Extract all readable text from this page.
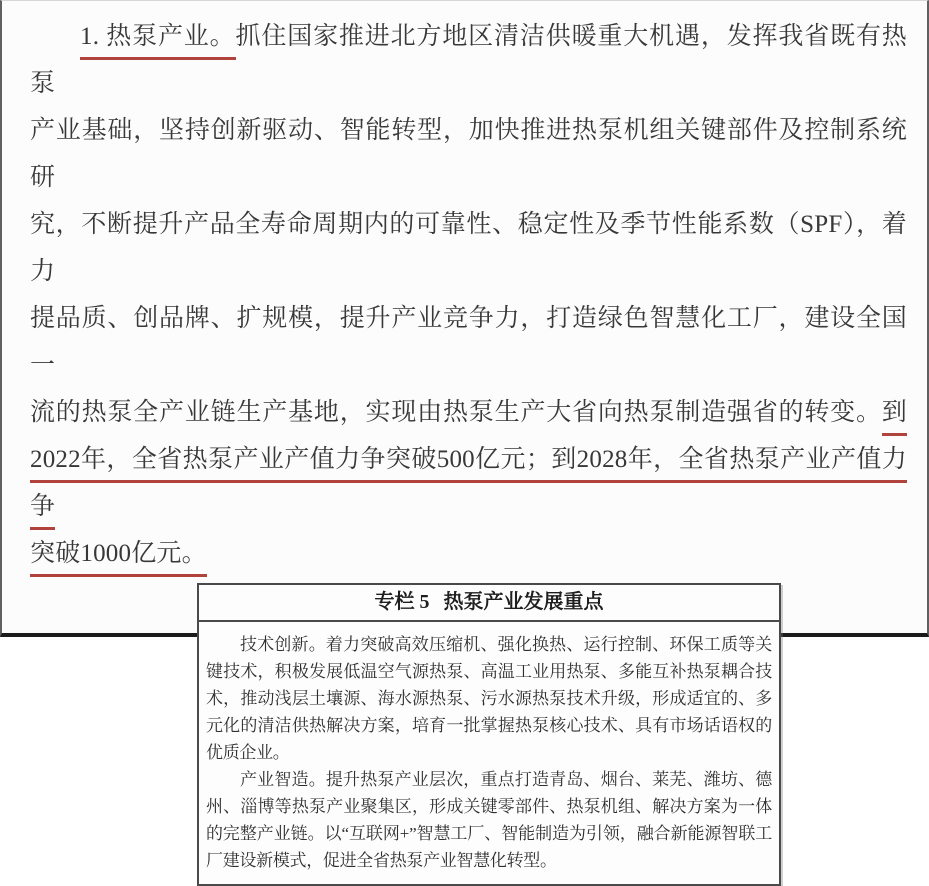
1. 热泵产业。抓住国家推进北方地区清洁供暖重大机遇，发挥我省既有热泵
产业基础，坚持创新驱动、智能转型，加快推进热泵机组关键部件及控制系统研
究，不断提升产品全寿命周期内的可靠性、稳定性及季节性能系数（SPF），着力
提品质、创品牌、扩规模，提升产业竞争力，打造绿色智慧化工厂，建设全国一
流的热泵全产业链生产基地，实现由热泵生产大省向热泵制造强省的转变。到
2022年，全省热泵产业产值力争突破500亿元；到2028年，全省热泵产业产值力争
突破1000亿元。
专栏 5 热泵产业发展重点

技术创新。着力突破高效压缩机、强化换热、运行控制、环保工质等关键技术，积极发展低温空气源热泵、高温工业用热泵、多能互补热泵耦合技术，推动浅层土壤源、海水源热泵、污水源热泵技术升级，形成适宜的、多元化的清洁供热解决方案，培育一批掌握热泵核心技术、具有市场话语权的优质企业。

产业智造。提升热泵产业层次，重点打造青岛、烟台、莱芜、潍坊、德州、淄博等热泵产业聚集区，形成关键零部件、热泵机组、解决方案为一体的完整产业链。以“互联网+”智慧工厂、智能制造为引领，融合新能源智联工厂建设新模式，促进全省热泵产业智慧化转型。
